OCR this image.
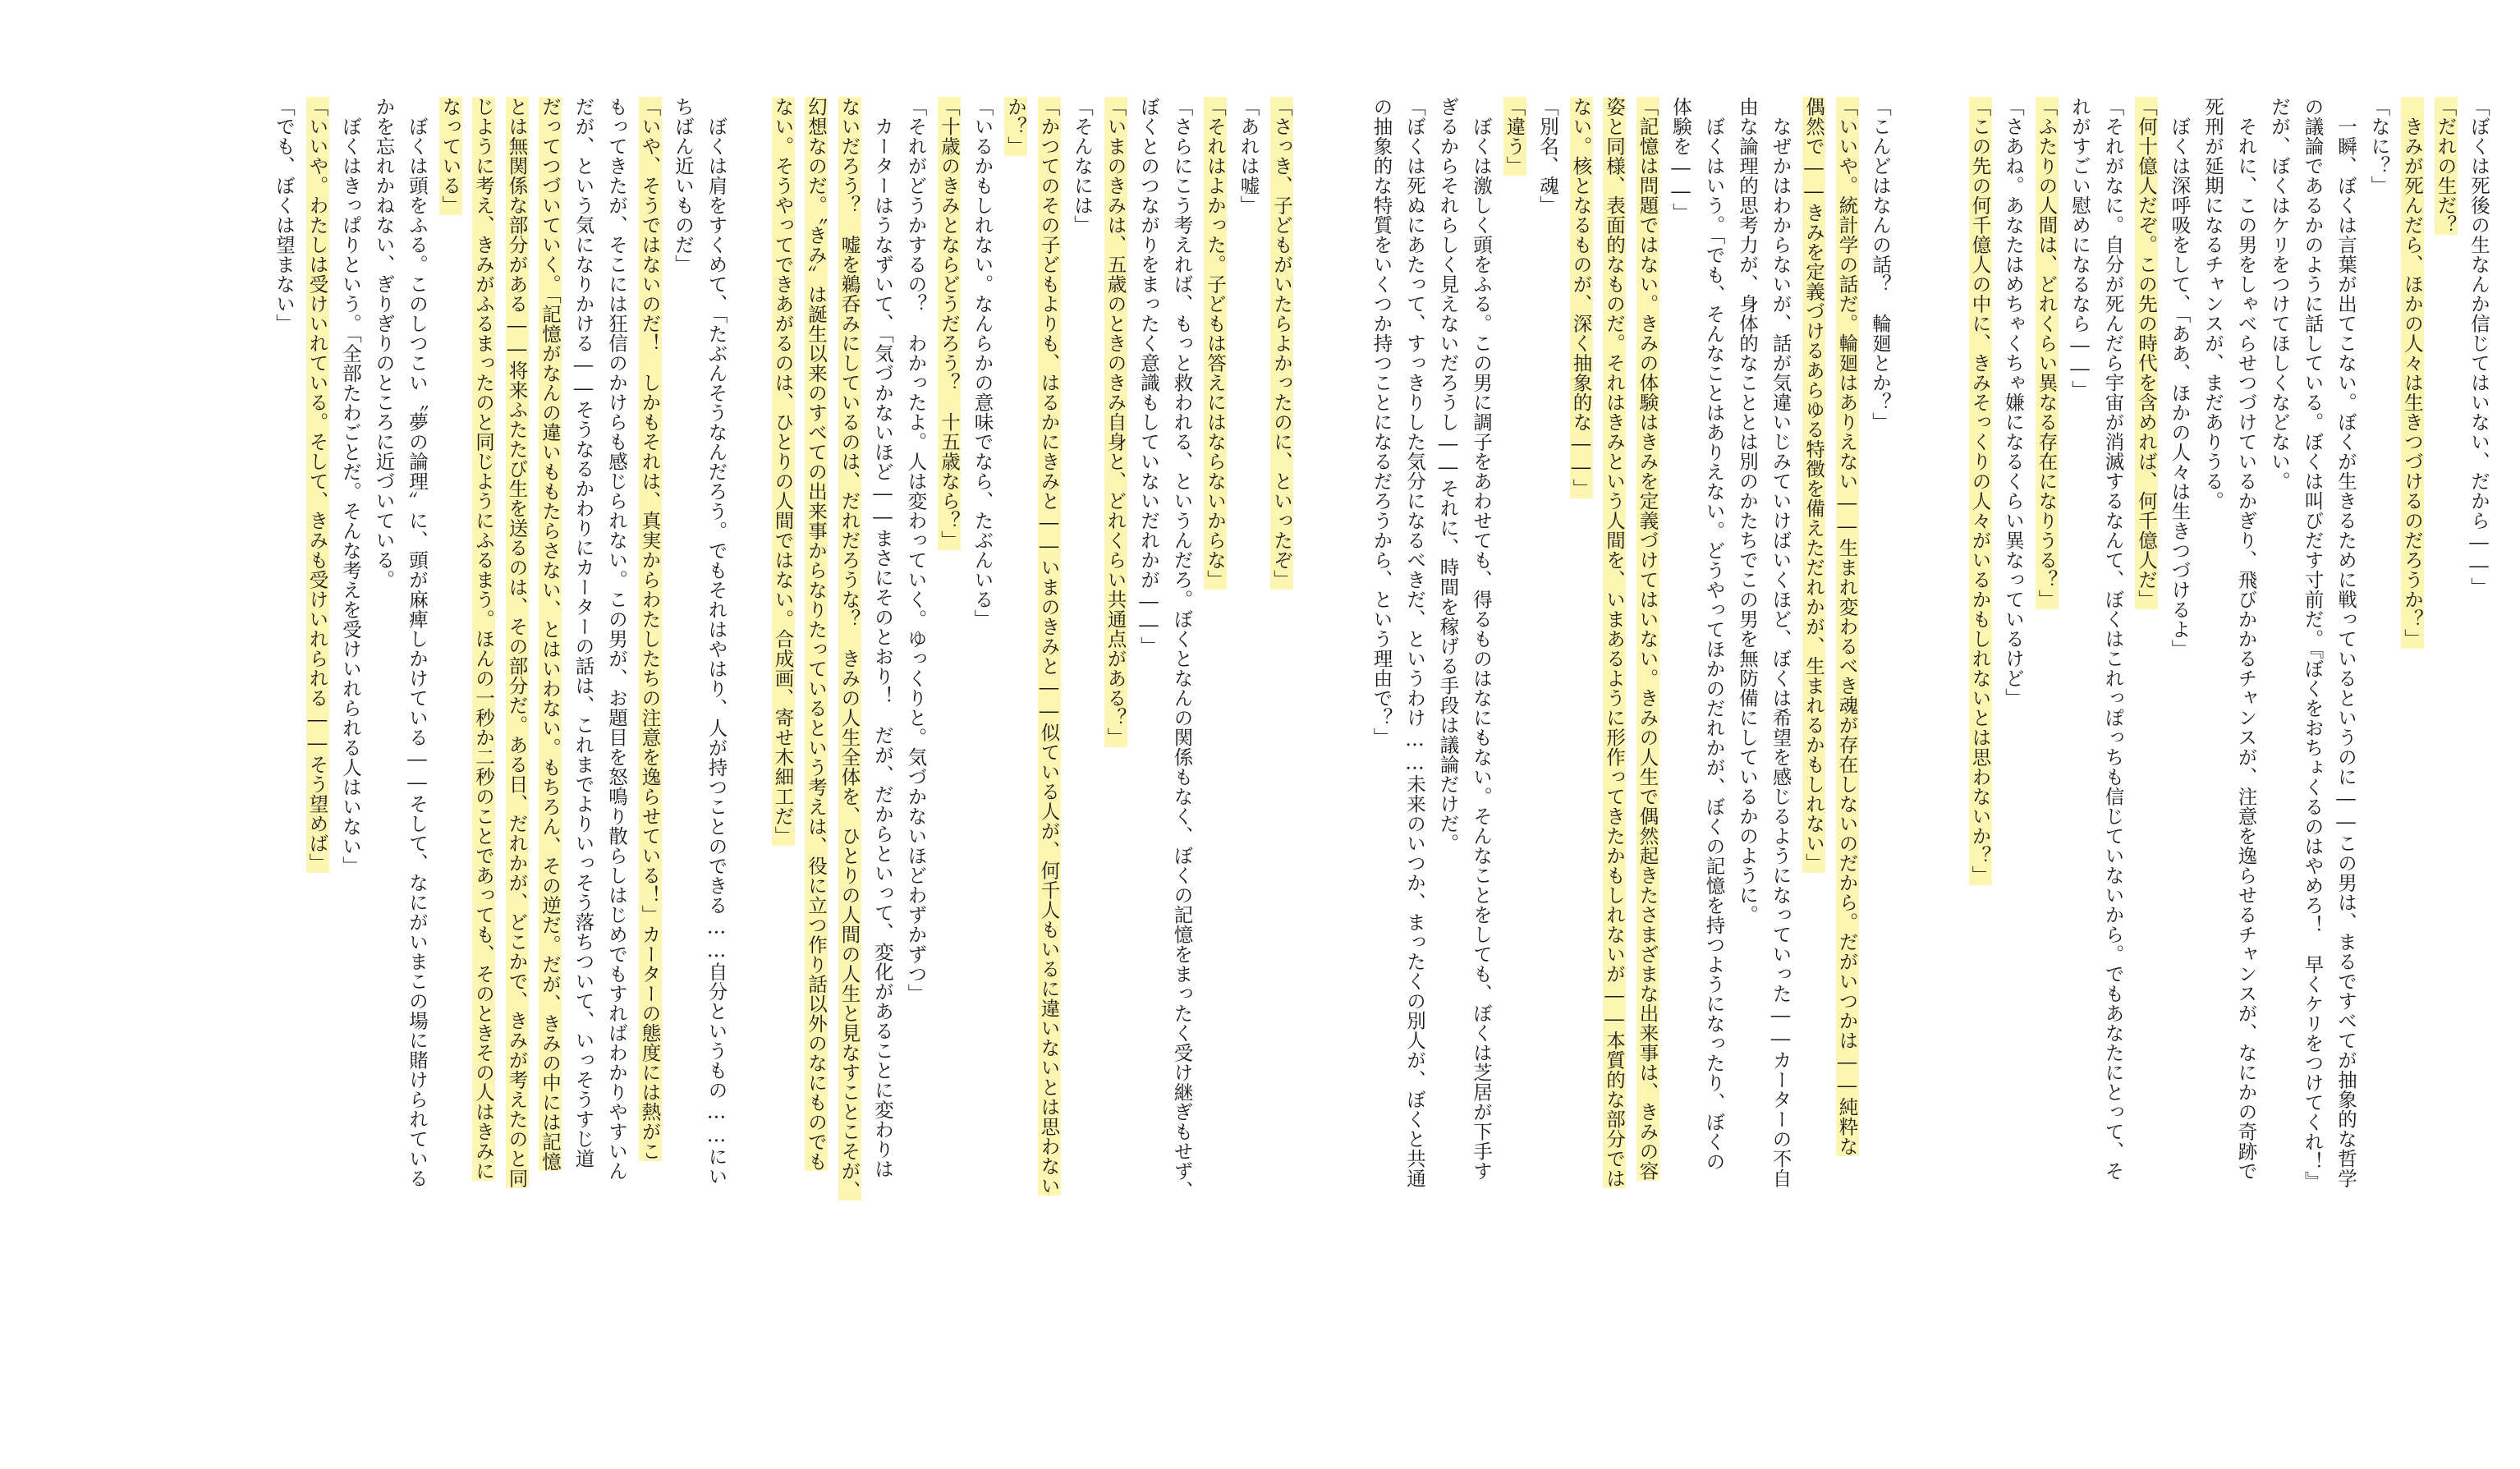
「ぼくは死後の生なんか信じてはいない、だから――」
「だれの生だ？
　きみが死んだら、ほかの人々は生きつづけるのだろうか？」
「なに？」
　一瞬、ぼくは言葉が出てこない。ぼくが生きるために戦っているというのに――この男は、まるですべてが抽象的な哲学
の議論であるかのように話している。ぼくは叫びだす寸前だ。『ぼくをおちょくるのはやめろ！　早くケリをつけてくれ！』
だが、ぼくはケリをつけてほしくなどない。
　それに、この男をしゃべらせつづけているかぎり、飛びかかるチャンスが、注意を逸らせるチャンスが、なにかの奇跡で
死刑が延期になるチャンスが、まだありうる。
　ぼくは深呼吸をして、「ああ、ほかの人々は生きつづけるよ」
「何十億人だぞ。この先の時代を含めれば、何千億人だ」
「それがなに。自分が死んだら宇宙が消滅するなんて、ぼくはこれっぽっちも信じていないから。でもあなたにとって、そ
れがすごい慰めになるなら――」
「ふたりの人間は、どれくらい異なる存在になりうる？」
「さあね。あなたはめちゃくちゃ嫌になるくらい異なっているけど」
「この先の何千億人の中に、きみそっくりの人々がいるかもしれないとは思わないか？」
「こんどはなんの話？　輪廻とか？」
「いいや。統計学の話だ。輪廻はありえない――生まれ変わるべき魂が存在しないのだから。だがいつかは――純粋な
偶然で――きみを定義づけるあらゆる特徴を備えただれかが、生まれるかもしれない」
　なぜかはわからないが、話が気違いじみていけばいくほど、ぼくは希望を感じるようになっていった――カーターの不自
由な論理的思考力が、身体的なこととは別のかたちでこの男を無防備にしているかのように。
　ぼくはいう。「でも、そんなことはありえない。どうやってほかのだれかが、ぼくの記憶を持つようになったり、ぼくの
体験を――」
「記憶は問題ではない。きみの体験はきみを定義づけてはいない。きみの人生で偶然起きたさまざまな出来事は、きみの容
姿と同様、表面的なものだ。それはきみという人間を、いまあるように形作ってきたかもしれないが――本質的な部分では
ない。核となるものが、深く抽象的な――」
「別名、魂」
「違う」
　ぼくは激しく頭をふる。この男に調子をあわせても、得るものはなにもない。そんなことをしても、ぼくは芝居が下手す
ぎるからそれらしく見えないだろうし――それに、時間を稼げる手段は議論だけだ。
「ぼくは死ぬにあたって、すっきりした気分になるべきだ、というわけ……未来のいつか、まったくの別人が、ぼくと共通
の抽象的な特質をいくつか持つことになるだろうから、という理由で？」
「さっき、子どもがいたらよかったのに、といったぞ」
「あれは嘘」
「それはよかった。子どもは答えにはならないからな」
「さらにこう考えれば、もっと救われる、というんだろ。ぼくとなんの関係もなく、ぼくの記憶をまったく受け継ぎもせず、
ぼくとのつながりをまったく意識もしていないだれかが――」
「いまのきみは、五歳のときのきみ自身と、どれくらい共通点がある？」
「そんなには」
「かつてのその子どもよりも、はるかにきみと――いまのきみと――似ている人が、何千人もいるに違いないとは思わない
か？」
「いるかもしれない。なんらかの意味でなら、たぶんいる」
「十歳のきみとならどうだろう？　十五歳なら？」
「それがどうかするの？　わかったよ。人は変わっていく。ゆっくりと。気づかないほどわずかずつ」
　カーターはうなずいて、「気づかないほど――まさにそのとおり！　だが、だからといって、変化があることに変わりは
ないだろう？　嘘を鵜呑みにしているのは、だれだろうな？　きみの人生全体を、ひとりの人間の人生と見なすことこそが、
幻想なのだ。〝きみ〟は誕生以来のすべての出来事からなりたっているという考えは、役に立つ作り話以外のなにものでも
ない。そうやってできあがるのは、ひとりの人間ではない。合成画、寄せ木細工だ」
　ぼくは肩をすくめて、「たぶんそうなんだろう。でもそれはやはり、人が持つことのできる……自分というもの……にい
ちばん近いものだ」
「いや、そうではないのだ！　しかもそれは、真実からわたしたちの注意を逸らせている！」カーターの態度には熱がこ
もってきたが、そこには狂信のかけらも感じられない。この男が、お題目を怒鳴り散らしはじめでもすればわかりやすいん
だが、という気になりかける――そうなるかわりにカーターの話は、これまでよりいっそう落ちついて、いっそうすじ道
だってつづいていく。「記憶がなんの違いももたらさない、とはいわない。もちろん、その逆だ。だが、きみの中には記憶
とは無関係な部分がある――将来ふたたび生を送るのは、その部分だ。ある日、だれかが、どこかで、きみが考えたのと同
じように考え、きみがふるまったのと同じようにふるまう。ほんの一秒か二秒のことであっても、そのときその人はきみに
なっている」
　ぼくは頭をふる。このしつこい〝夢の論理〟に、頭が麻痺しかけている――そして、なにがいまこの場に賭けられている
かを忘れかねない、ぎりぎりのところに近づいている。
　ぼくはきっぱりという。「全部たわごとだ。そんな考えを受けいれられる人はいない」
「いいや。わたしは受けいれている。そして、きみも受けいれられる――そう望めば」
「でも、ぼくは望まない」
